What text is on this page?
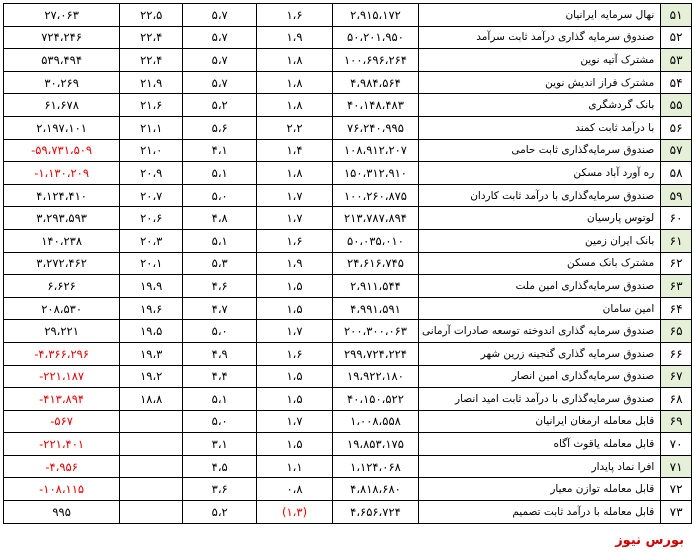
۲۷،۰۶۳	۲۲،۵	۵،۷	۱،۶	۲،۹۱۵،۱۷۲	نهال سرمایه ایرانیان	۵۱
۷۲۴،۲۴۶	۲۲،۴	۵،۷	۱،۹	۵۰،۲۰۱،۹۵۰	صندوق سرمایه گذاری درآمد ثابت سرآمد	۵۲
۵۳۹،۴۹۴	۲۲،۴	۵،۷	۱،۸	۱۰۰،۶۹۶،۲۶۴	مشترک آتیه نوین	۵۳
۳۰،۲۶۹	۲۱،۹	۵،۷	۱،۸	۴،۹۸۴،۵۶۴	مشترک فراز اندیش نوین	۵۴
۶۱،۶۷۸	۲۱،۶	۵،۲	۱،۸	۴۰،۱۴۸،۴۸۳	بانک گردشگری	۵۵
۲،۱۹۷،۱۰۱	۲۱،۱	۵،۶	۲،۲	۷۶،۲۴۰،۹۹۵	با درآمد ثابت کمند	۵۶
-۵۹،۷۳۱،۵۰۹	۲۱،۰	۴،۱	۱،۴	۱۰۸،۹۱۲،۲۰۷	صندوق سرمایه‌گذاری ثابت حامی	۵۷
-۱،۱۳۰،۲۰۹	۲۰،۹	۵،۱	۱،۸	۱۵۰،۳۱۲،۹۱۰	ره آورد آباد مسکن	۵۸
۴،۱۲۴،۴۱۰	۲۰،۷	۵،۰	۱،۷	۱۰۰،۲۶۰،۸۷۵	صندوق سرمایه‌گذاری با درآمد ثابت کاردان	۵۹
۳،۲۹۳،۵۹۳	۲۰،۶	۴،۸	۱،۷	۲۱۳،۷۸۷،۸۹۴	لوتوس پارسیان	۶۰
۱۴۰،۲۳۸	۲۰،۳	۵،۱	۱،۶	۵۰،۰۳۵،۰۱۰	بانک ایران زمین	۶۱
۳،۲۷۲،۴۶۲	۲۰،۱	۵،۳	۱،۹	۲۴،۶۱۶،۷۴۵	مشترک بانک مسکن	۶۲
۶،۶۲۶	۱۹،۹	۴،۶	۱،۵	۲،۹۱۱،۵۴۴	صندوق سرمایه‌گذاری امین ملت	۶۳
۲۰۸،۵۳۰	۱۹،۶	۴،۷	۱،۵	۴،۹۹۱،۵۹۱	امین سامان	۶۴
۲۹،۲۲۱	۱۹،۵	۵،۰	۱،۷	۲۰۰،۳۰۰،۰۶۳	صندوق سرمایه گذاری اندوخته توسعه صادرات آرمانی	۶۵
-۴،۳۶۶،۲۹۶	۱۹،۳	۴،۹	۱،۶	۲۹۹،۷۲۴،۲۲۴	صندوق سرمایه گذاری گنجینه زرین شهر	۶۶
-۲۲۱،۱۸۷	۱۹،۲	۴،۴	۱،۵	۱۹،۹۲۲،۱۸۰	صندوق سرمایه‌گذاری امین انصار	۶۷
-۴۱۳،۸۹۴	۱۸،۸	۵،۱	۱،۵	۴۰،۱۵۰،۵۲۲	صندوق سرمایه‌گذاری با درآمد ثابت امید انصار	۶۸
-۵۶۷		۵،۰	۱،۷	۱،۰۰۸،۵۵۸	قابل معامله ارمغان ایرانیان	۶۹
-۲۲۱،۴۰۱		۳،۱	۱،۵	۱۹،۸۵۳،۱۷۵	قابل معامله یاقوت آگاه	۷۰
-۴،۹۵۶		۴،۵	۱،۱	۱،۱۲۴،۰۶۸	افرا نماد پایدار	۷۱
-۱۰۸،۱۱۵		۳،۶	۰،۸	۴،۸۱۸،۶۸۰	قابل معامله توازن معیار	۷۲
۹۹۵		۵،۲	(۱،۳)	۴،۶۵۶،۷۲۴	قابل معامله با درآمد ثابت تصمیم	۷۳
بورس نیوز
